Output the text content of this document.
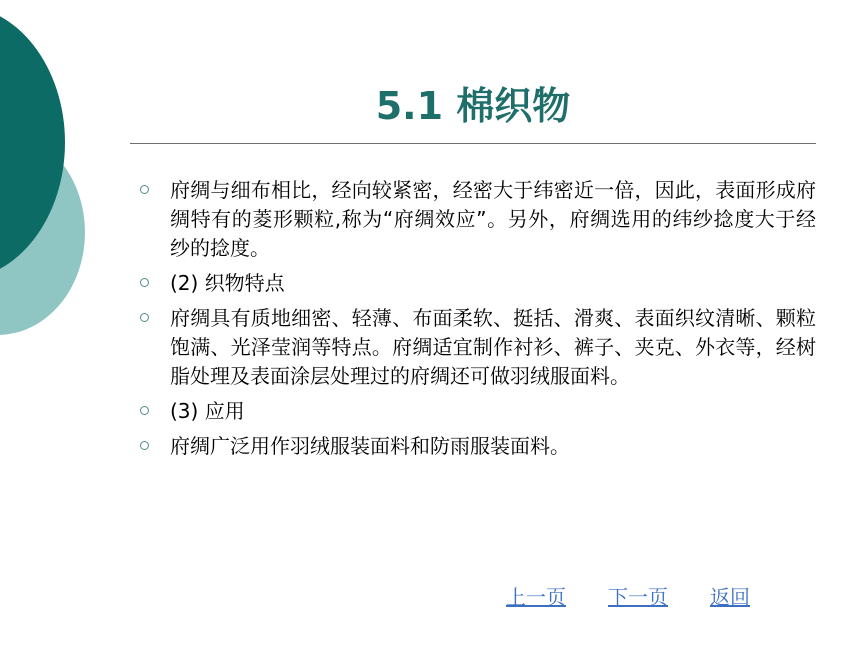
5.1 棉织物
府绸与细布相比，经向较紧密，经密大于纬密近一倍，因此，表面形成府绸特有的菱形颗粒,称为“府绸效应”。另外，府绸选用的纬纱捻度大于经纱的捻度。
(2) 织物特点
府绸具有质地细密、轻薄、布面柔软、挺括、滑爽、表面织纹清晰、颗粒饱满、光泽莹润等特点。府绸适宜制作衬衫、裤子、夹克、外衣等，经树脂处理及表面涂层处理过的府绸还可做羽绒服面料。
(3) 应用
府绸广泛用作羽绒服装面料和防雨服装面料。
上一页 下一页 返回
